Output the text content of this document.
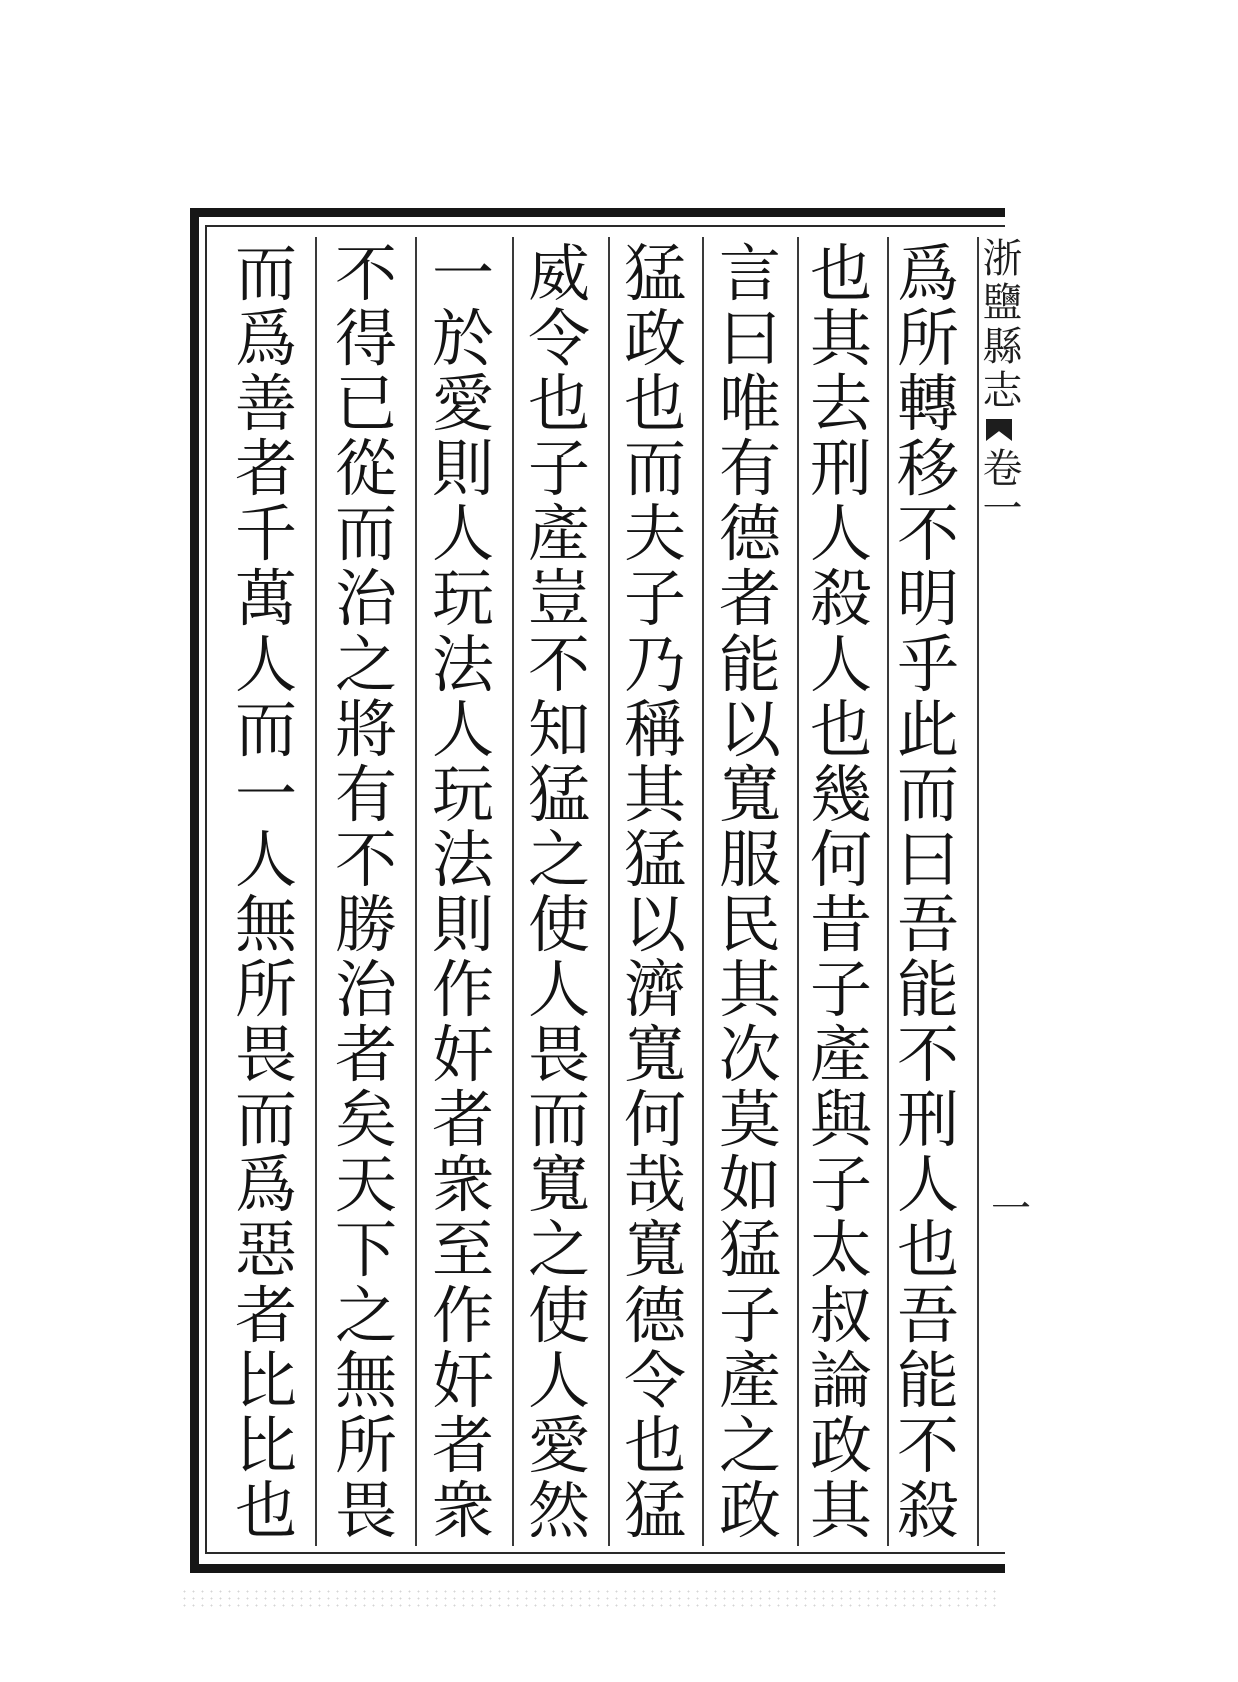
爲
所
轉
移
不
明
乎
此
而
曰
吾
能
不
刑
人
也
吾
能
不
殺
也
其
去
刑
人
殺
人
也
幾
何
昔
子
產
與
子
太
叔
論
政
其
言
曰
唯
有
德
者
能
以
寬
服
民
其
次
莫
如
猛
子
產
之
政
猛
政
也
而
夫
子
乃
稱
其
猛
以
濟
寬
何
哉
寬
德
令
也
猛
威
令
也
子
產
豈
不
知
猛
之
使
人
畏
而
寬
之
使
人
愛
然
一
於
愛
則
人
玩
法
人
玩
法
則
作
奸
者
衆
至
作
奸
者
衆
不
得
已
從
而
治
之
將
有
不
勝
治
者
矣
天
下
之
無
所
畏
而
爲
善
者
千
萬
人
而
一
人
無
所
畏
而
爲
惡
者
比
比
也
浙鹽縣志
卷一
一
